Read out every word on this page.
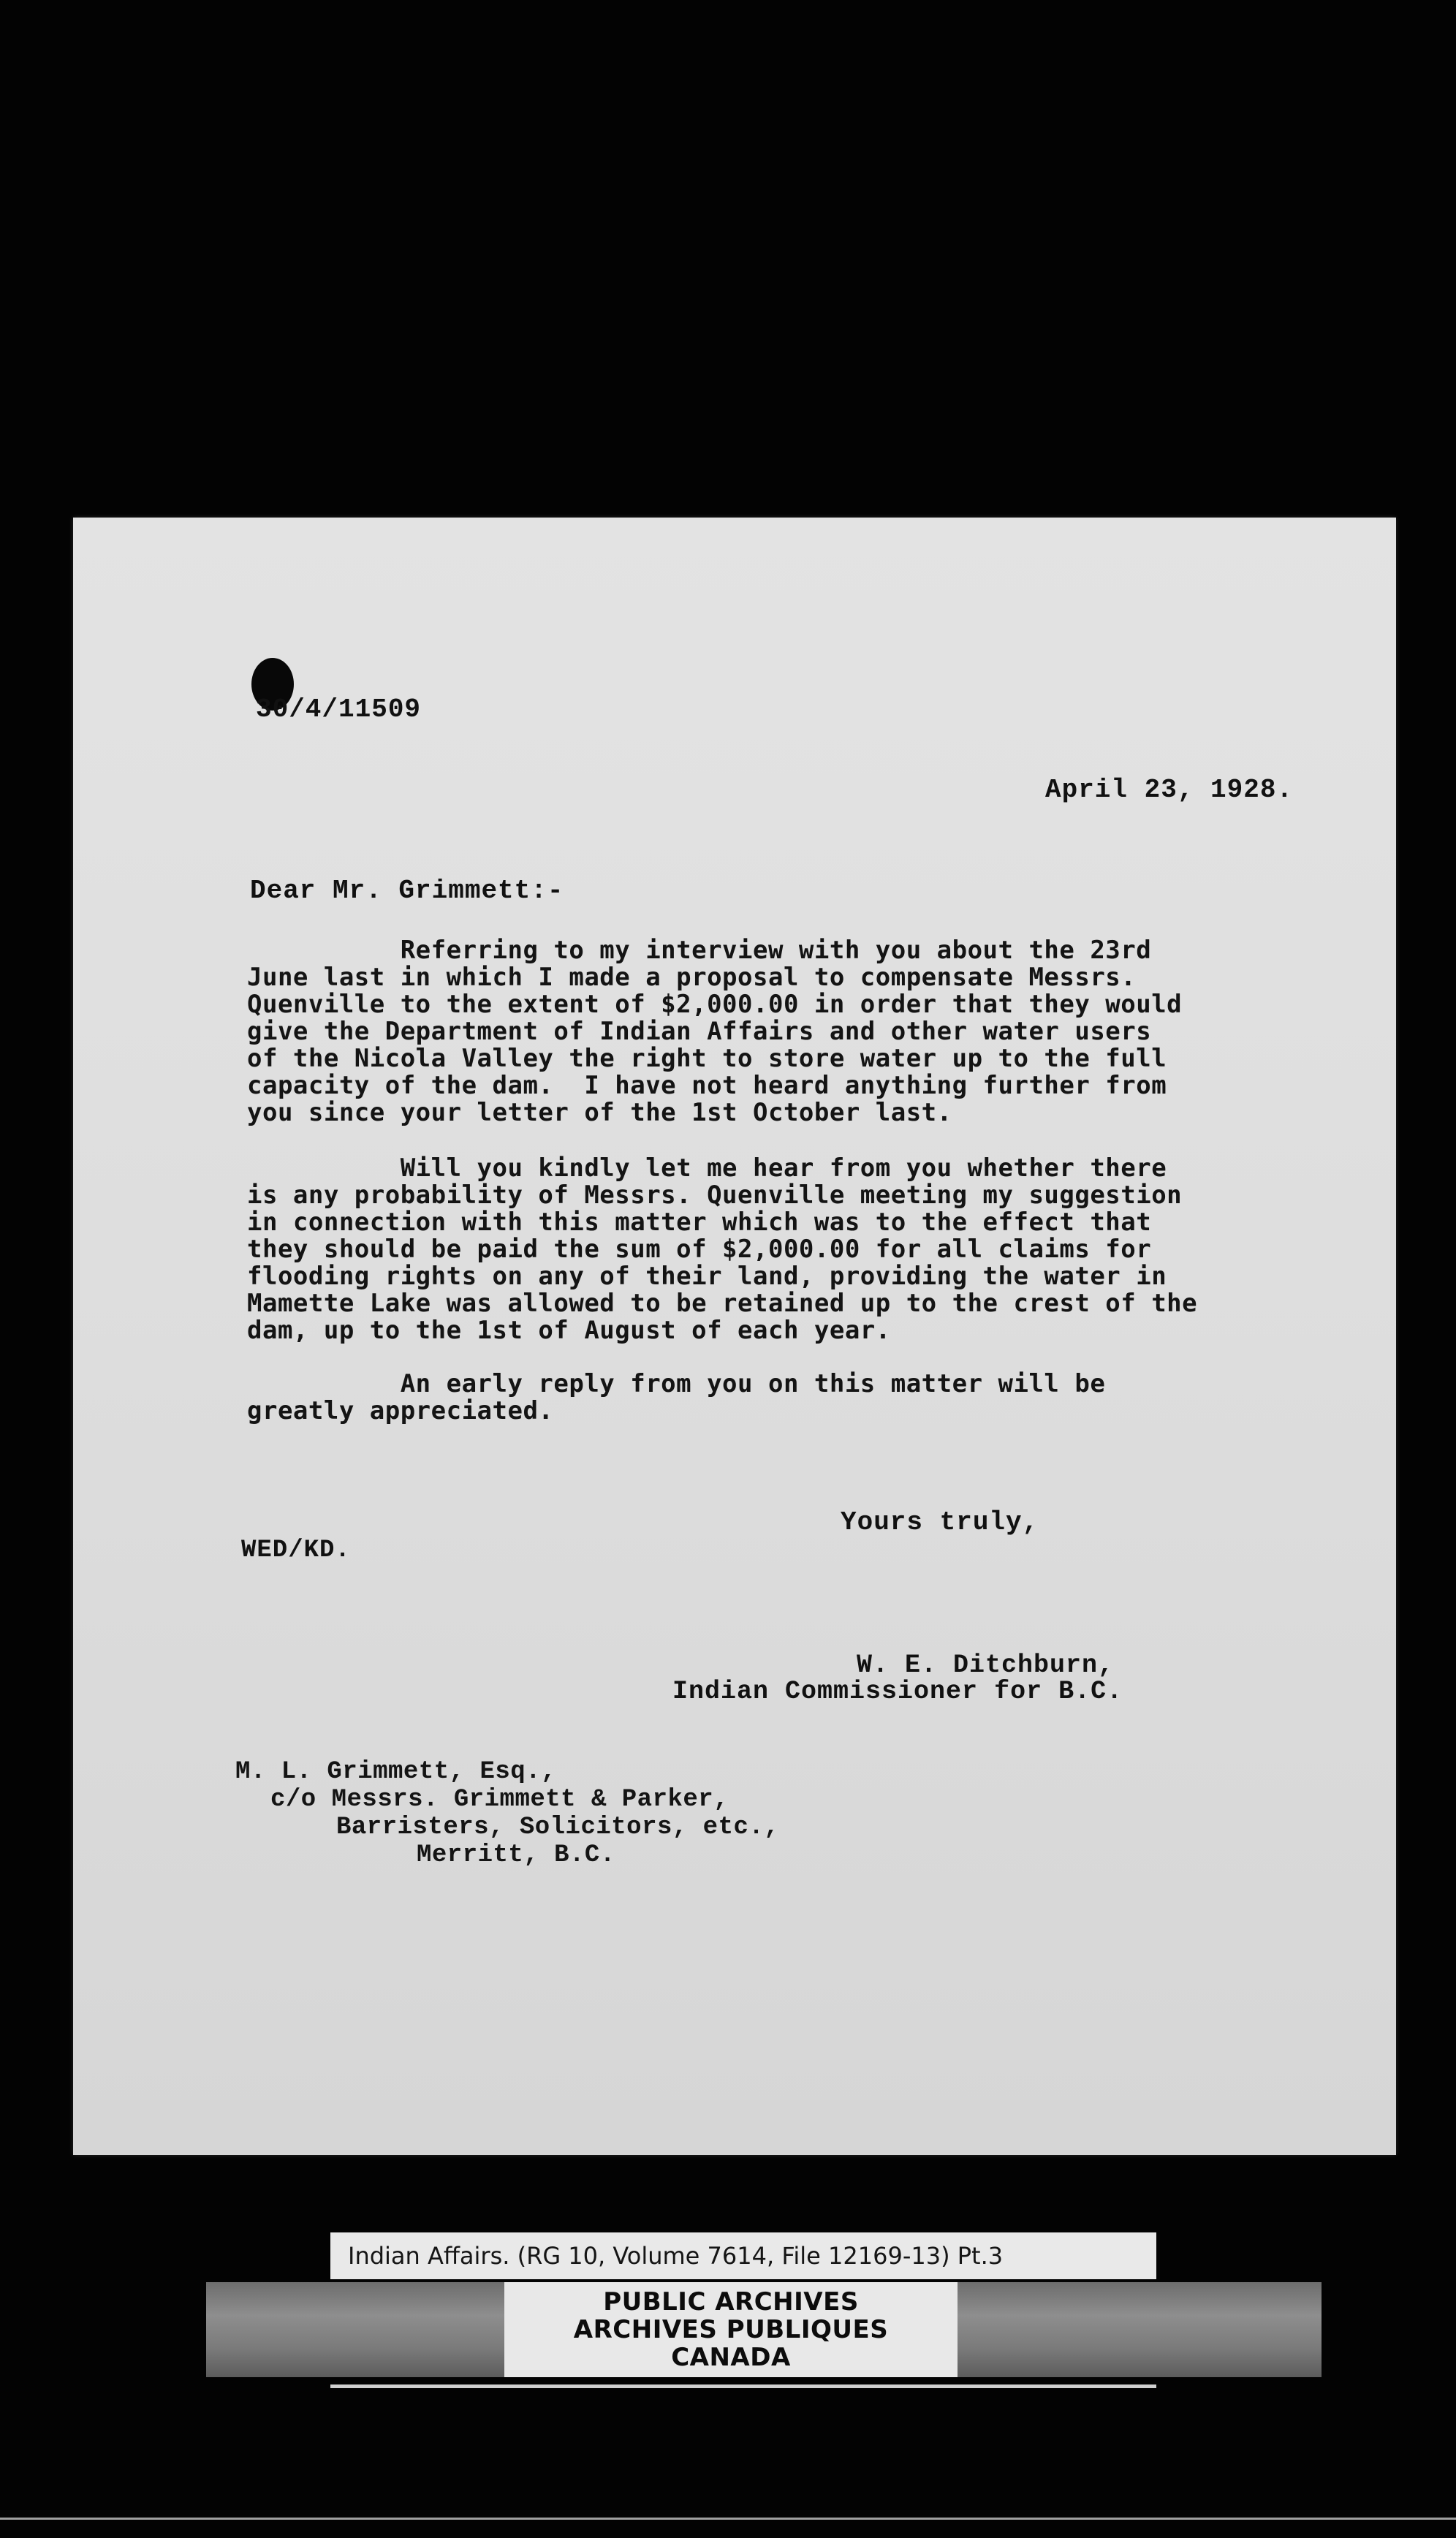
30/4/11509
April 23, 1928.
Dear Mr. Grimmett:-
Referring to my interview with you about the 23rd
June last in which I made a proposal to compensate Messrs.
Quenville to the extent of $2,000.00 in order that they would
give the Department of Indian Affairs and other water users
of the Nicola Valley the right to store water up to the full
capacity of the dam.  I have not heard anything further from
you since your letter of the 1st October last.
Will you kindly let me hear from you whether there
is any probability of Messrs. Quenville meeting my suggestion
in connection with this matter which was to the effect that
they should be paid the sum of $2,000.00 for all claims for
flooding rights on any of their land, providing the water in
Mamette Lake was allowed to be retained up to the crest of the
dam, up to the 1st of August of each year.
An early reply from you on this matter will be
greatly appreciated.
Yours truly,
WED/KD.
W. E. Ditchburn,
Indian Commissioner for B.C.
M. L. Grimmett, Esq.,
c/o Messrs. Grimmett & Parker,
Barristers, Solicitors, etc.,
Merritt, B.C.
Indian Affairs. (RG 10, Volume 7614, File 12169-13) Pt.3
PUBLIC ARCHIVES
ARCHIVES PUBLIQUES
CANADA
